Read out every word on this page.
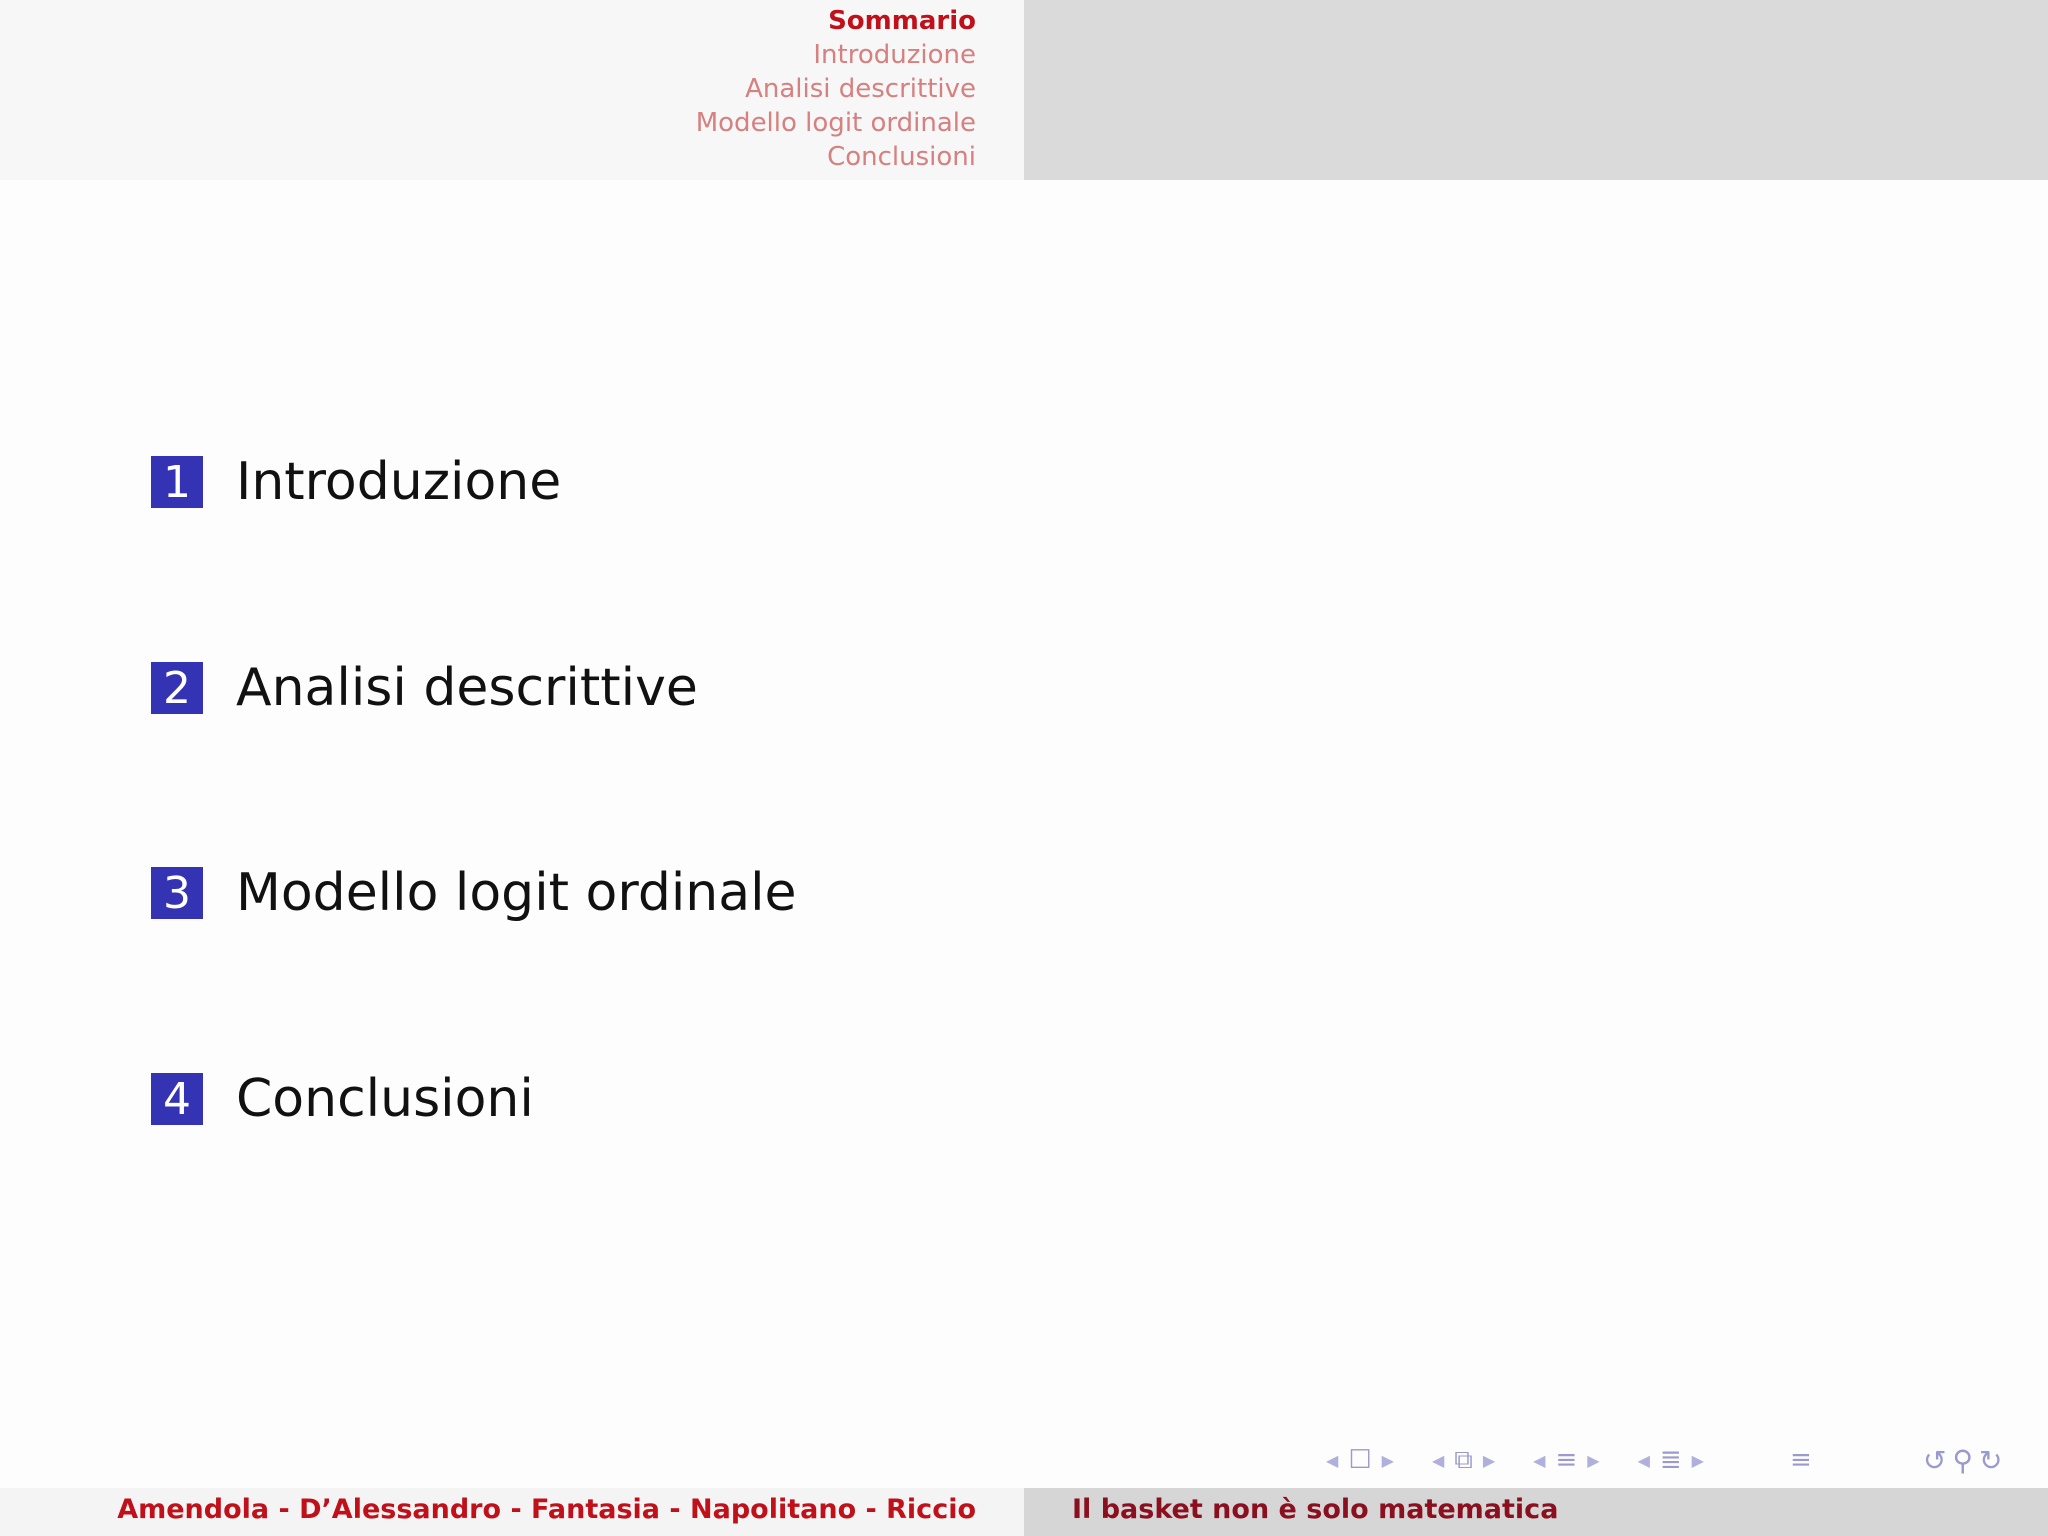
Sommario
Introduzione
Analisi descrittive
Modello logit ordinale
Conclusioni
1 Introduzione
2 Analisi descrittive
3 Modello logit ordinale
4 Conclusioni
◀ ☐ ▶	◀ ⧉ ▶	◀ ≡ ▶	◀ ≣ ▶	≡	↺ ⚲ ↻
Amendola - D’Alessandro - Fantasia - Napolitano - Riccio	Il basket non è solo matematica
